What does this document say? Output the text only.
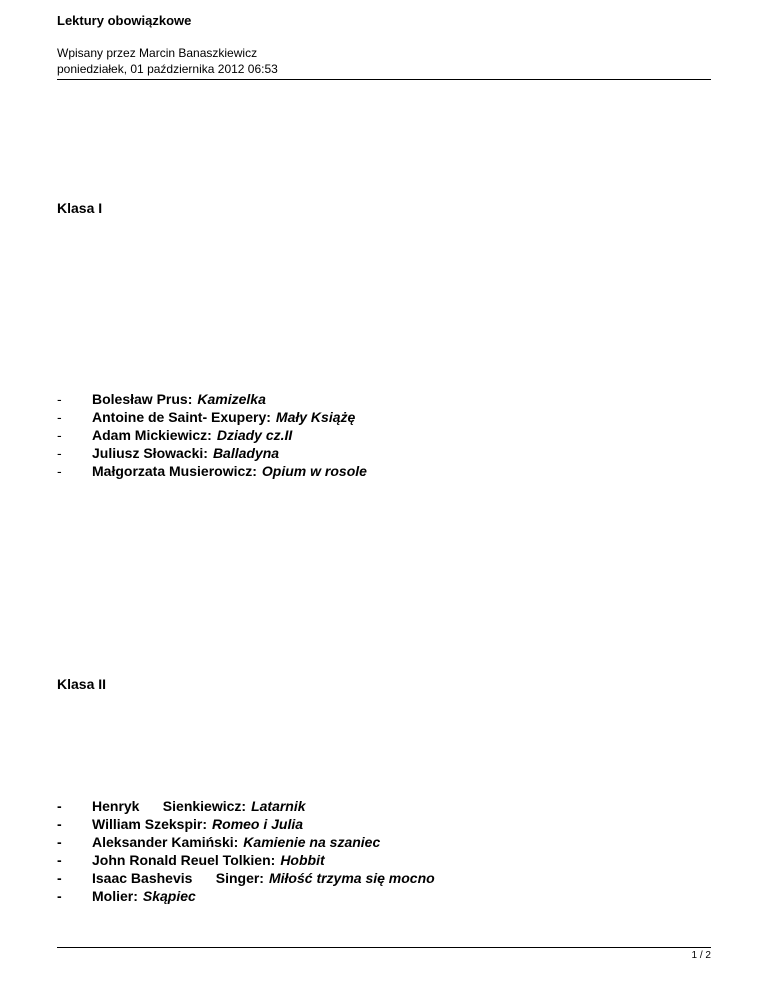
Lektury obowiązkowe

Wpisany przez Marcin Banaszkiewicz
poniedziałek, 01 października 2012 06:53
Klasa I
-	Bolesław Prus: Kamizelka
-	Antoine de Saint- Exupery: Mały Książę
-	Adam Mickiewicz: Dziady cz.II
-	Juliusz Słowacki: Balladyna
-	Małgorzata Musierowicz: Opium w rosole
Klasa II
-	Henryk      Sienkiewicz: Latarnik
-	William Szekspir: Romeo i Julia
-	Aleksander Kamiński: Kamienie na szaniec
-	John Ronald Reuel Tolkien: Hobbit
-	Isaac Bashevis      Singer: Miłość trzyma się mocno
-	Molier: Skąpiec
1 / 2
